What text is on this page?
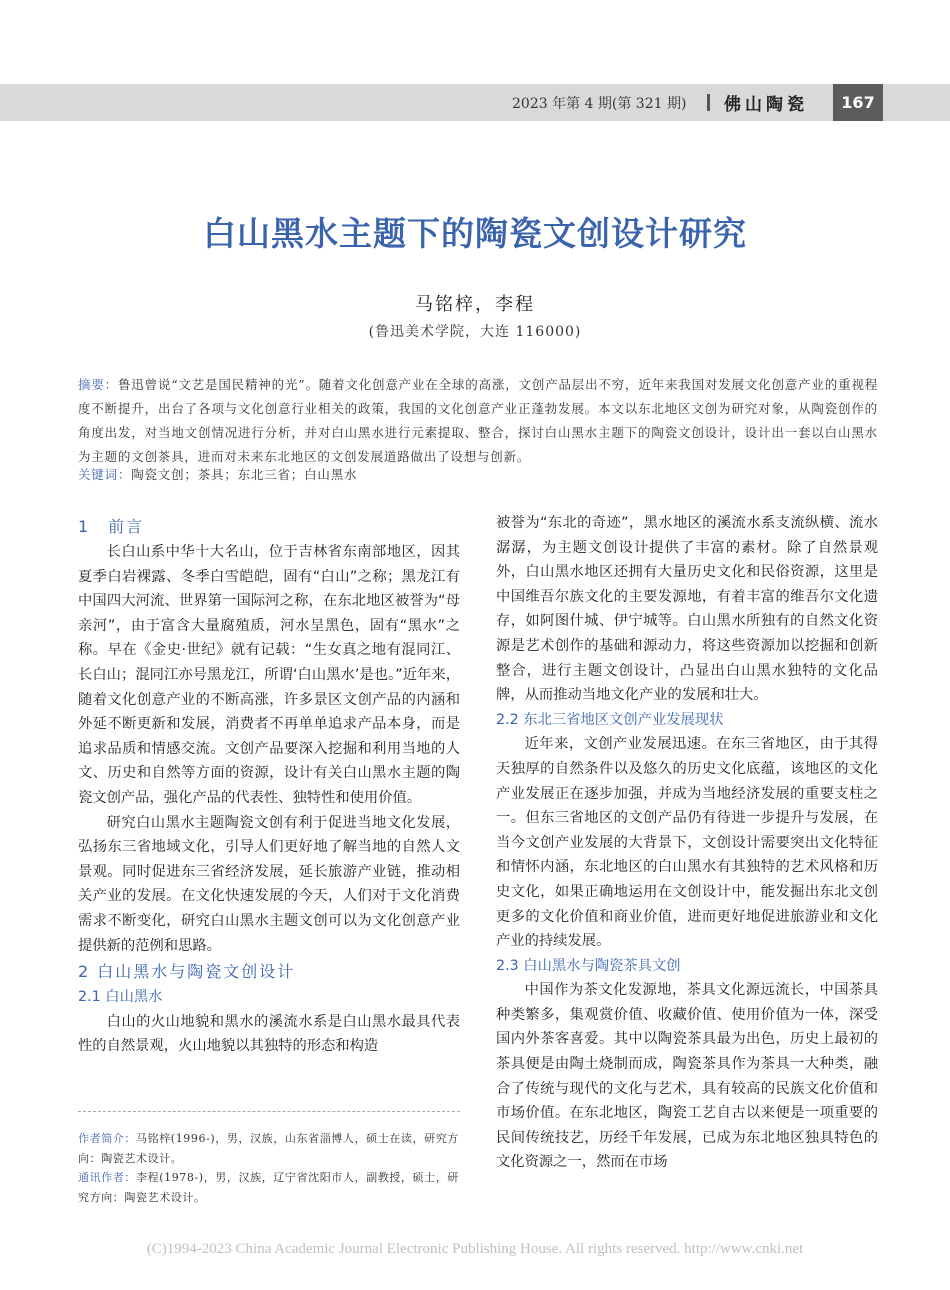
2023 年第 4 期(第 321 期) 佛山陶瓷	167
白山黑水主题下的陶瓷文创设计研究
马铭梓，李程
(鲁迅美术学院，大连 116000)
摘要：鲁迅曾说“文艺是国民精神的光”。随着文化创意产业在全球的高涨，文创产品层出不穷，近年来我国对发展文化创意产业的重视程度不断提升，出台了各项与文化创意行业相关的政策，我国的文化创意产业正蓬勃发展。本文以东北地区文创为研究对象，从陶瓷创作的角度出发，对当地文创情况进行分析，并对白山黑水进行元素提取、整合，探讨白山黑水主题下的陶瓷文创设计，设计出一套以白山黑水为主题的文创茶具，进而对未来东北地区的文创发展道路做出了设想与创新。
关键词：陶瓷文创；茶具；东北三省；白山黑水
1　前言

长白山系中华十大名山，位于吉林省东南部地区，因其夏季白岩裸露、冬季白雪皑皑，固有“白山”之称；黑龙江有中国四大河流、世界第一国际河之称，在东北地区被誉为“母亲河”，由于富含大量腐殖质，河水呈黑色，固有“黑水”之称。早在《金史·世纪》就有记载：“生女真之地有混同江、长白山；混同江亦号黑龙江，所谓‘白山黑水’是也。”近年来，随着文化创意产业的不断高涨，许多景区文创产品的内涵和外延不断更新和发展，消费者不再单单追求产品本身，而是追求品质和情感交流。文创产品要深入挖掘和利用当地的人文、历史和自然等方面的资源，设计有关白山黑水主题的陶瓷文创产品，强化产品的代表性、独特性和使用价值。

研究白山黑水主题陶瓷文创有利于促进当地文化发展，弘扬东三省地域文化，引导人们更好地了解当地的自然人文景观。同时促进东三省经济发展，延长旅游产业链，推动相关产业的发展。在文化快速发展的今天，人们对于文化消费需求不断变化，研究白山黑水主题文创可以为文化创意产业提供新的范例和思路。

2 白山黑水与陶瓷文创设计
2.1 白山黑水

白山的火山地貌和黑水的溪流水系是白山黑水最具代表性的自然景观，火山地貌以其独特的形态和构造

作者简介：马铭梓(1996-)，男，汉族，山东省淄博人，硕士在读，研究方向：陶瓷艺术设计。
通讯作者：李程(1978-)，男，汉族，辽宁省沈阳市人，副教授，硕士，研究方向：陶瓷艺术设计。

被誉为“东北的奇迹”，黑水地区的溪流水系支流纵横、流水潺潺，为主题文创设计提供了丰富的素材。除了自然景观外，白山黑水地区还拥有大量历史文化和民俗资源，这里是中国维吾尔族文化的主要发源地，有着丰富的维吾尔文化遗存，如阿图什城、伊宁城等。白山黑水所独有的自然文化资源是艺术创作的基础和源动力，将这些资源加以挖掘和创新整合，进行主题文创设计，凸显出白山黑水独特的文化品牌，从而推动当地文化产业的发展和壮大。

2.2 东北三省地区文创产业发展现状

近年来，文创产业发展迅速。在东三省地区，由于其得天独厚的自然条件以及悠久的历史文化底蕴，该地区的文化产业发展正在逐步加强，并成为当地经济发展的重要支柱之一。但东三省地区的文创产品仍有待进一步提升与发展，在当今文创产业发展的大背景下，文创设计需要突出文化特征和情怀内涵，东北地区的白山黑水有其独特的艺术风格和历史文化，如果正确地运用在文创设计中，能发掘出东北文创更多的文化价值和商业价值，进而更好地促进旅游业和文化产业的持续发展。

2.3 白山黑水与陶瓷茶具文创

中国作为茶文化发源地，茶具文化源远流长，中国茶具种类繁多，集观赏价值、收藏价值、使用价值为一体，深受国内外茶客喜爱。其中以陶瓷茶具最为出色，历史上最初的茶具便是由陶土烧制而成，陶瓷茶具作为茶具一大种类，融合了传统与现代的文化与艺术，具有较高的民族文化价值和市场价值。在东北地区，陶瓷工艺自古以来便是一项重要的民间传统技艺，历经千年发展，已成为东北地区独具特色的文化资源之一，然而在市场

(C)1994-2023 China Academic Journal Electronic Publishing House. All rights reserved. http://www.cnki.net
